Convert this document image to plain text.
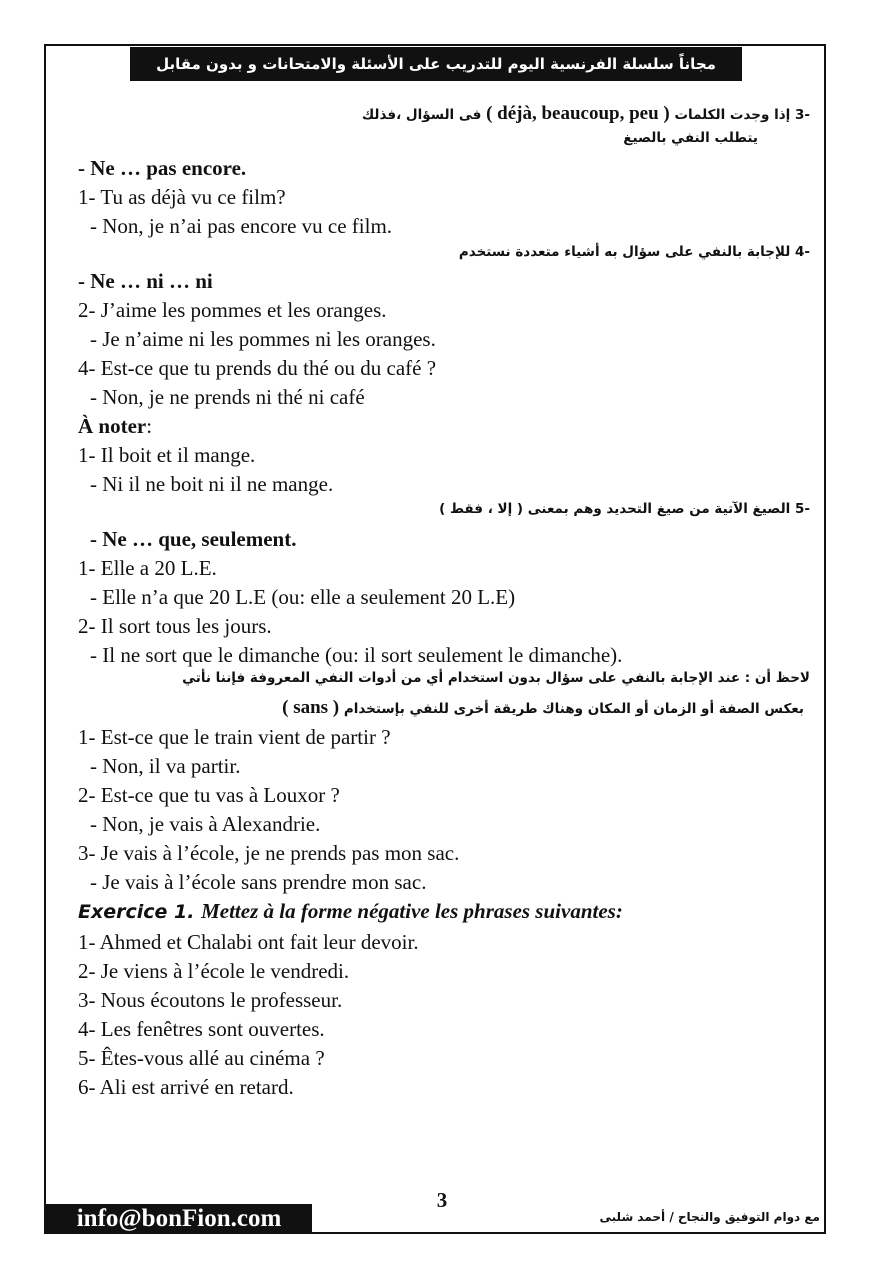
مجاناً سلسلة الفرنسية اليوم للتدريب على الأسئلة والامتحانات و بدون مقابل
-3 إذا وجدت الكلمات ( déjà, beaucoup, peu ) فى السؤال ،فذلك
يتطلب النفي بالصيغ
- Ne … pas encore.
1- Tu as déjà vu ce film?
- Non, je n’ai pas encore vu ce film.
-4 للإجابة بالنفي على سؤال به أشياء متعددة نستخدم
- Ne … ni … ni
2- J’aime les pommes et les oranges.
- Je n’aime ni les pommes ni les oranges.
4- Est-ce que tu prends du thé ou du café ?
- Non, je ne prends ni thé ni café
À noter:
1- Il boit et il mange.
- Ni il ne boit ni il ne mange.
-5 الصيغ الآتية من صيغ التحديد وهم بمعنى ( إلا ، فقط )
- Ne … que, seulement.
1- Elle a 20 L.E.
- Elle n’a que 20 L.E (ou: elle a seulement 20 L.E)
2- Il sort tous les jours.
- Il ne sort que le dimanche (ou: il sort seulement le dimanche).
لاحظ أن : عند الإجابة بالنفي على سؤال بدون استخدام أي من أدوات النفي المعروفة فإننا نأتي
بعكس الصفة أو الزمان أو المكان وهناك طريقة أخرى للنفي بإستخدام ( sans )
1- Est-ce que le train vient de partir ?
- Non, il va partir.
2- Est-ce que tu vas à Louxor ?
- Non, je vais à Alexandrie.
3- Je vais à l’école, je ne prends pas mon sac.
- Je vais à l’école sans prendre mon sac.
Exercice 1. Mettez à la forme négative les phrases suivantes:
1- Ahmed et Chalabi ont fait leur devoir.
2- Je viens à l’école le vendredi.
3- Nous écoutons le professeur.
4- Les fenêtres sont ouvertes.
5- Êtes-vous allé au cinéma ?
6- Ali est arrivé en retard.
info@bonFion.com
3
مع دوام التوفيق والنجاح / أحمد شلبى
